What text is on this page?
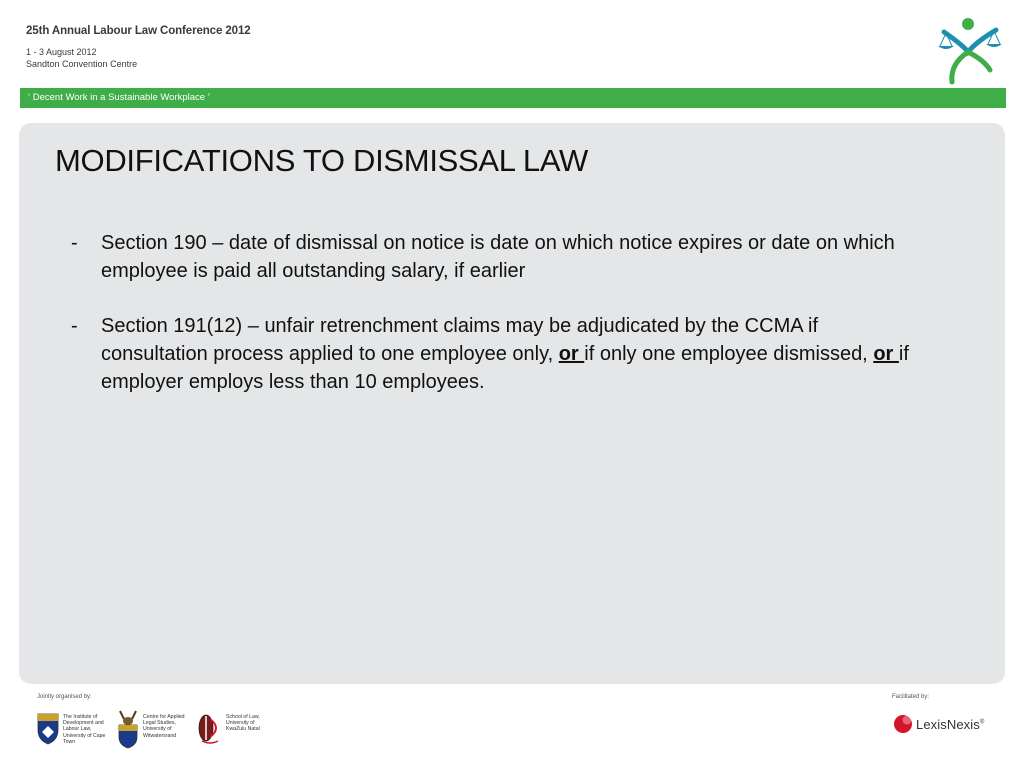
25th Annual Labour Law Conference 2012
1 - 3 August 2012
Sandton Convention Centre
‘ Decent Work in a Sustainable Workplace ’
MODIFICATIONS TO DISMISSAL LAW
- Section 190 – date of dismissal on notice is date on which notice expires or date on which employee is paid all outstanding salary, if earlier
- Section 191(12) – unfair retrenchment claims may be adjudicated by the CCMA if consultation process applied to one employee only, or if only one employee dismissed, or if employer employs less than 10 employees.
Jointly organised by:	Facilitated by:
The Institute of Development and Labour Law, University of Cape Town
Centre for Applied Legal Studies, University of Witwatersrand
School of Law, University of KwaZulu Natal	LexisNexis®
